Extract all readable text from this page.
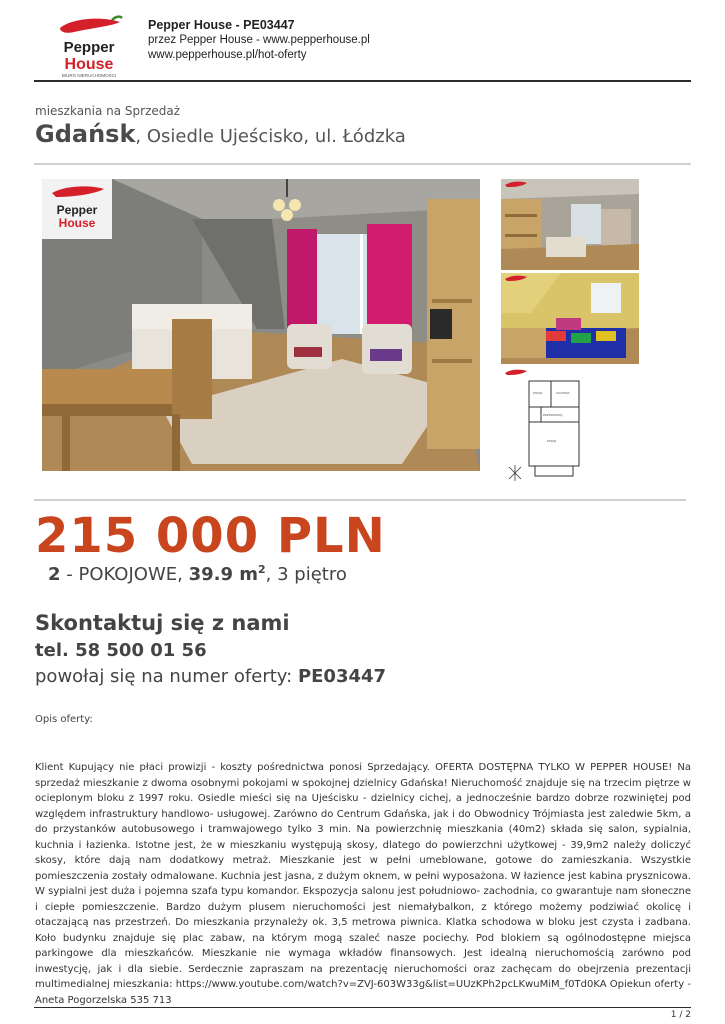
Pepper
House
BIURO NIERUCHOMOŚCI
Pepper House - PE03447
przez Pepper House - www.pepperhouse.pl
www.pepperhouse.pl/hot-oferty
mieszkania na Sprzedaż
Gdańsk, Osiedle Ujeścisko, ul. Łódzka
Pepper
House
POKÓJ	KUCHNIA
PRZEDPOKÓJ
POKÓJ
215 000 PLN
2 - POKOJOWE, 39.9 $m^2$, 3 piętro
Skontaktuj się z nami
tel. 58 500 01 56
powołaj się na numer oferty: PE03447
Opis oferty:
Klient Kupujący nie płaci prowizji - koszty pośrednictwa ponosi Sprzedający. OFERTA DOSTĘPNA TYLKO W PEPPER HOUSE! Na sprzedaż mieszkanie z dwoma osobnymi pokojami w spokojnej dzielnicy Gdańska! Nieruchomość znajduje się na trzecim piętrze w ocieplonym bloku z 1997 roku. Osiedle mieści się na Ujeścisku - dzielnicy cichej, a jednocześnie bardzo dobrze rozwiniętej pod względem infrastruktury handlowo- usługowej. Zarówno do Centrum Gdańska, jak i do Obwodnicy Trójmiasta jest zaledwie 5km, a do przystanków autobusowego i tramwajowego tylko 3 min. Na powierzchnię mieszkania (40m2) składa się salon, sypialnia, kuchnia i łazienka. Istotne jest, że w mieszkaniu występują skosy, dlatego do powierzchni użytkowej - 39,9m2 należy doliczyć skosy, które dają nam dodatkowy metraż. Mieszkanie jest w pełni umeblowane, gotowe do zamieszkania. Wszystkie pomieszczenia zostały odmalowane. Kuchnia jest jasna, z dużym oknem, w pełni wyposażona. W łazience jest kabina prysznicowa. W sypialni jest duża i pojemna szafa typu komandor. Ekspozycja salonu jest południowo- zachodnia, co gwarantuje nam słoneczne i ciepłe pomieszczenie. Bardzo dużym plusem nieruchomości jest niemałybalkon, z którego możemy podziwiać okolicę i otaczającą nas przestrzeń. Do mieszkania przynależy ok. 3,5 metrowa piwnica. Klatka schodowa w bloku jest czysta i zadbana. Koło budynku znajduje się plac zabaw, na którym mogą szaleć nasze pociechy. Pod blokiem są ogólnodostępne miejsca parkingowe dla mieszkańców. Mieszkanie nie wymaga wkładów finansowych. Jest idealną nieruchomością zarówno pod inwestycję, jak i dla siebie. Serdecznie zapraszam na prezentację nieruchomości oraz zachęcam do obejrzenia prezentacji multimedialnej mieszkania: https://www.youtube.com/watch?v=ZVJ-603W33g&list=UUzKPh2pcLKwuMiM_f0Td0KA Opiekun oferty - Aneta Pogorzelska 535 713
1 / 2
